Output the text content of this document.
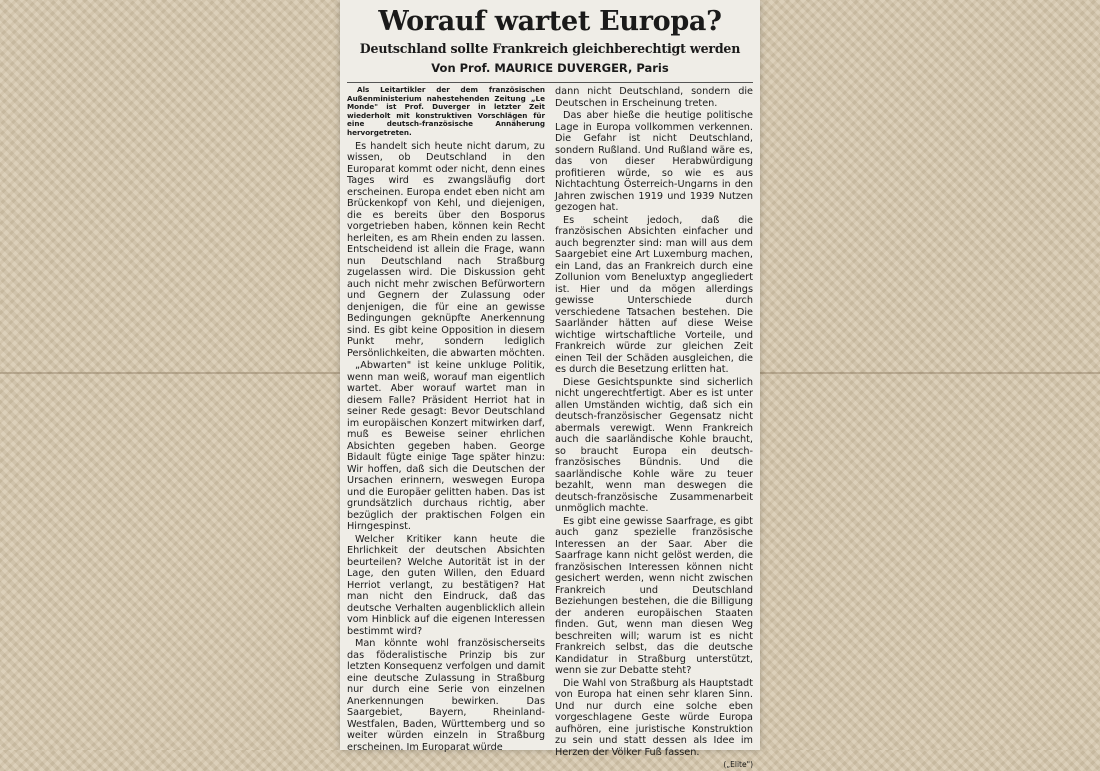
Worauf wartet Europa?
Deutschland sollte Frankreich gleichberechtigt werden
Von Prof. MAURICE DUVERGER, Paris

Als Leitartikler der dem französischen Außenministerium nahestehenden Zeitung „Le Monde" ist Prof. Duverger in letzter Zeit wiederholt mit konstruktiven Vorschlägen für eine deutsch-französische Annäherung hervorgetreten.

Es handelt sich heute nicht darum, zu wissen, ob Deutschland in den Europarat kommt oder nicht, denn eines Tages wird es zwangsläufig dort erscheinen. Europa endet eben nicht am Brückenkopf von Kehl, und diejenigen, die es bereits über den Bosporus vorgetrieben haben, können kein Recht herleiten, es am Rhein enden zu lassen. Entscheidend ist allein die Frage, wann nun Deutschland nach Straßburg zugelassen wird. Die Diskussion geht auch nicht mehr zwischen Befürwortern und Gegnern der Zulassung oder denjenigen, die für eine an gewisse Bedingungen geknüpfte Anerkennung sind. Es gibt keine Opposition in diesem Punkt mehr, sondern lediglich Persönlichkeiten, die abwarten möchten.

„Abwarten" ist keine unkluge Politik, wenn man weiß, worauf man eigentlich wartet. Aber worauf wartet man in diesem Falle? Präsident Herriot hat in seiner Rede gesagt: Bevor Deutschland im europäischen Konzert mitwirken darf, muß es Beweise seiner ehrlichen Absichten gegeben haben. George Bidault fügte einige Tage später hinzu: Wir hoffen, daß sich die Deutschen der Ursachen erinnern, weswegen Europa und die Europäer gelitten haben. Das ist grundsätzlich durchaus richtig, aber bezüglich der praktischen Folgen ein Hirngespinst.

Welcher Kritiker kann heute die Ehrlichkeit der deutschen Absichten beurteilen? Welche Autorität ist in der Lage, den guten Willen, den Eduard Herriot verlangt, zu bestätigen? Hat man nicht den Eindruck, daß das deutsche Verhalten augenblicklich allein vom Hinblick auf die eigenen Interessen bestimmt wird?

Man könnte wohl französischerseits das föderalistische Prinzip bis zur letzten Konsequenz verfolgen und damit eine deutsche Zulassung in Straßburg nur durch eine Serie von einzelnen Anerkennungen bewirken. Das Saargebiet, Bayern, Rheinland-Westfalen, Baden, Württemberg und so weiter würden einzeln in Straßburg erscheinen. Im Europarat würde

dann nicht Deutschland, sondern die Deutschen in Erscheinung treten.

Das aber hieße die heutige politische Lage in Europa vollkommen verkennen. Die Gefahr ist nicht Deutschland, sondern Rußland. Und Rußland wäre es, das von dieser Herabwürdigung profitieren würde, so wie es aus Nichtachtung Österreich-Ungarns in den Jahren zwischen 1919 und 1939 Nutzen gezogen hat.

Es scheint jedoch, daß die französischen Absichten einfacher und auch begrenzter sind: man will aus dem Saargebiet eine Art Luxemburg machen, ein Land, das an Frankreich durch eine Zollunion vom Beneluxtyp angegliedert ist. Hier und da mögen allerdings gewisse Unterschiede durch verschiedene Tatsachen bestehen. Die Saarländer hätten auf diese Weise wichtige wirtschaftliche Vorteile, und Frankreich würde zur gleichen Zeit einen Teil der Schäden ausgleichen, die es durch die Besetzung erlitten hat.

Diese Gesichtspunkte sind sicherlich nicht ungerechtfertigt. Aber es ist unter allen Umständen wichtig, daß sich ein deutsch-französischer Gegensatz nicht abermals verewigt. Wenn Frankreich auch die saarländische Kohle braucht, so braucht Europa ein deutsch-französisches Bündnis. Und die saarländische Kohle wäre zu teuer bezahlt, wenn man deswegen die deutsch-französische Zusammenarbeit unmöglich machte.

Es gibt eine gewisse Saarfrage, es gibt auch ganz spezielle französische Interessen an der Saar. Aber die Saarfrage kann nicht gelöst werden, die französischen Interessen können nicht gesichert werden, wenn nicht zwischen Frankreich und Deutschland Beziehungen bestehen, die die Billigung der anderen europäischen Staaten finden. Gut, wenn man diesen Weg beschreiten will; warum ist es nicht Frankreich selbst, das die deutsche Kandidatur in Straßburg unterstützt, wenn sie zur Debatte steht?

Die Wahl von Straßburg als Hauptstadt von Europa hat einen sehr klaren Sinn. Und nur durch eine solche eben vorgeschlagene Geste würde Europa aufhören, eine juristische Konstruktion zu sein und statt dessen als Idee im Herzen der Völker Fuß fassen.

(„Elite")
